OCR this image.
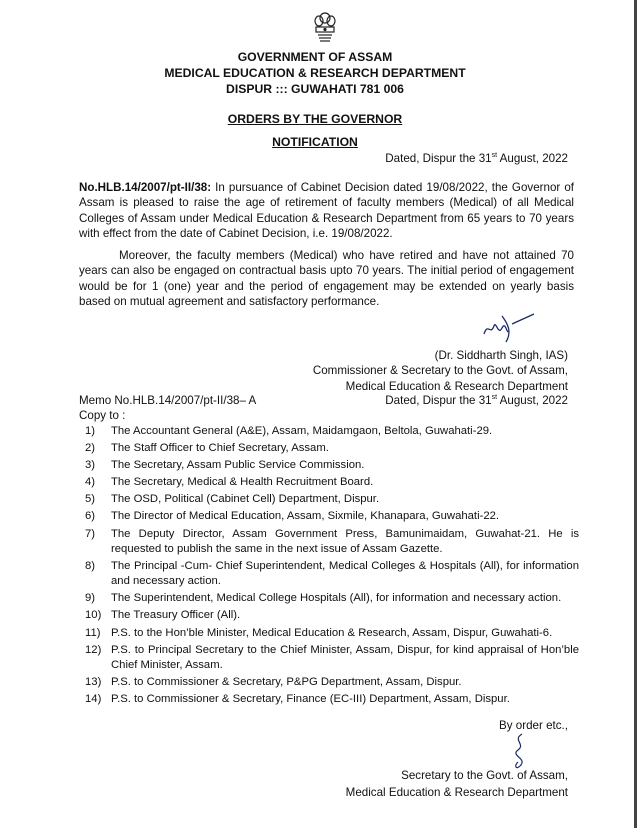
GOVERNMENT OF ASSAM
MEDICAL EDUCATION & RESEARCH DEPARTMENT
DISPUR ::: GUWAHATI 781 006
ORDERS BY THE GOVERNOR
NOTIFICATION
Dated, Dispur the 31st August, 2022
No.HLB.14/2007/pt-II/38: In pursuance of Cabinet Decision dated 19/08/2022, the Governor of
Assam is pleased to raise the age of retirement of faculty members (Medical) of all Medical
Colleges of Assam under Medical Education & Research Department from 65 years to 70 years
with effect from the date of Cabinet Decision, i.e. 19/08/2022.
Moreover, the faculty members (Medical) who have retired and have not attained 70
years can also be engaged on contractual basis upto 70 years. The initial period of engagement
would be for 1 (one) year and the period of engagement may be extended on yearly basis
based on mutual agreement and satisfactory performance.
(Dr. Siddharth Singh, IAS)
Commissioner & Secretary to the Govt. of Assam,
Medical Education & Research Department
Memo No.HLB.14/2007/pt-II/38– A	Dated, Dispur the 31st August, 2022
Copy to :
1) The Accountant General (A&E), Assam, Maidamgaon, Beltola, Guwahati-29.
2) The Staff Officer to Chief Secretary, Assam.
3) The Secretary, Assam Public Service Commission.
4) The Secretary, Medical & Health Recruitment Board.
5) The OSD, Political (Cabinet Cell) Department, Dispur.
6) The Director of Medical Education, Assam, Sixmile, Khanapara, Guwahati-22.
7) The Deputy Director, Assam Government Press, Bamunimaidam, Guwahat-21. He is requested to publish the same in the next issue of Assam Gazette.
8) The Principal -Cum- Chief Superintendent, Medical Colleges & Hospitals (All), for information and necessary action.
9) The Superintendent, Medical College Hospitals (All), for information and necessary action.
10) The Treasury Officer (All).
11) P.S. to the Hon’ble Minister, Medical Education & Research, Assam, Dispur, Guwahati-6.
12) P.S. to Principal Secretary to the Chief Minister, Assam, Dispur, for kind appraisal of Hon’ble Chief Minister, Assam.
13) P.S. to Commissioner & Secretary, P&PG Department, Assam, Dispur.
14) P.S. to Commissioner & Secretary, Finance (EC-III) Department, Assam, Dispur.
By order etc.,
Secretary to the Govt. of Assam,
Medical Education & Research Department
